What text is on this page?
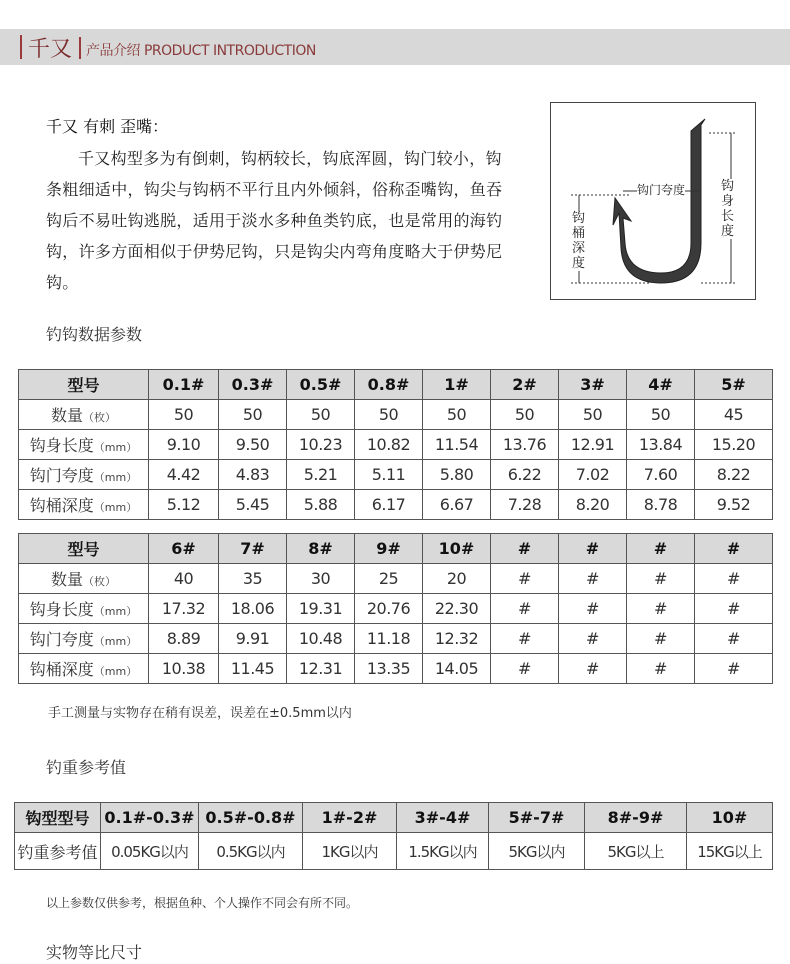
千又 产品介绍 PRODUCT INTRODUCTION
千又 有刺 歪嘴：
千又构型多为有倒刺，钩柄较长，钩底浑圆，钩门较小，钩条粗细适中，钩尖与钩柄不平行且内外倾斜，俗称歪嘴钩，鱼吞钩后不易吐钩逃脱，适用于淡水多种鱼类钓底，也是常用的海钓钩，许多方面相似于伊势尼钩，只是钩尖内弯角度略大于伊势尼钩。
钩门夸度	钩身长度
钩桶深度
钓钩数据参数
型号	0.1#	0.3#	0.5#	0.8#	1#	2#	3#	4#	5#
数量（枚）	50	50	50	50	50	50	50	50	45
钩身长度（mm）	9.10	9.50	10.23	10.82	11.54	13.76	12.91	13.84	15.20
钩门夸度（mm）	4.42	4.83	5.21	5.11	5.80	6.22	7.02	7.60	8.22
钩桶深度（mm）	5.12	5.45	5.88	6.17	6.67	7.28	8.20	8.78	9.52
型号	6#	7#	8#	9#	10#	#	#	#	#
数量（枚）	40	35	30	25	20	#	#	#	#
钩身长度（mm）	17.32	18.06	19.31	20.76	22.30	#	#	#	#
钩门夸度（mm）	8.89	9.91	10.48	11.18	12.32	#	#	#	#
钩桶深度（mm）	10.38	11.45	12.31	13.35	14.05	#	#	#	#
手工测量与实物存在稍有误差，误差在±0.5mm以内
钓重参考值
钩型型号	0.1#-0.3#	0.5#-0.8#	1#-2#	3#-4#	5#-7#	8#-9#	10#
钓重参考值	0.05KG以内	0.5KG以内	1KG以内	1.5KG以内	5KG以内	5KG以上	15KG以上
以上参数仅供参考，根据鱼种、个人操作不同会有所不同。
实物等比尺寸
